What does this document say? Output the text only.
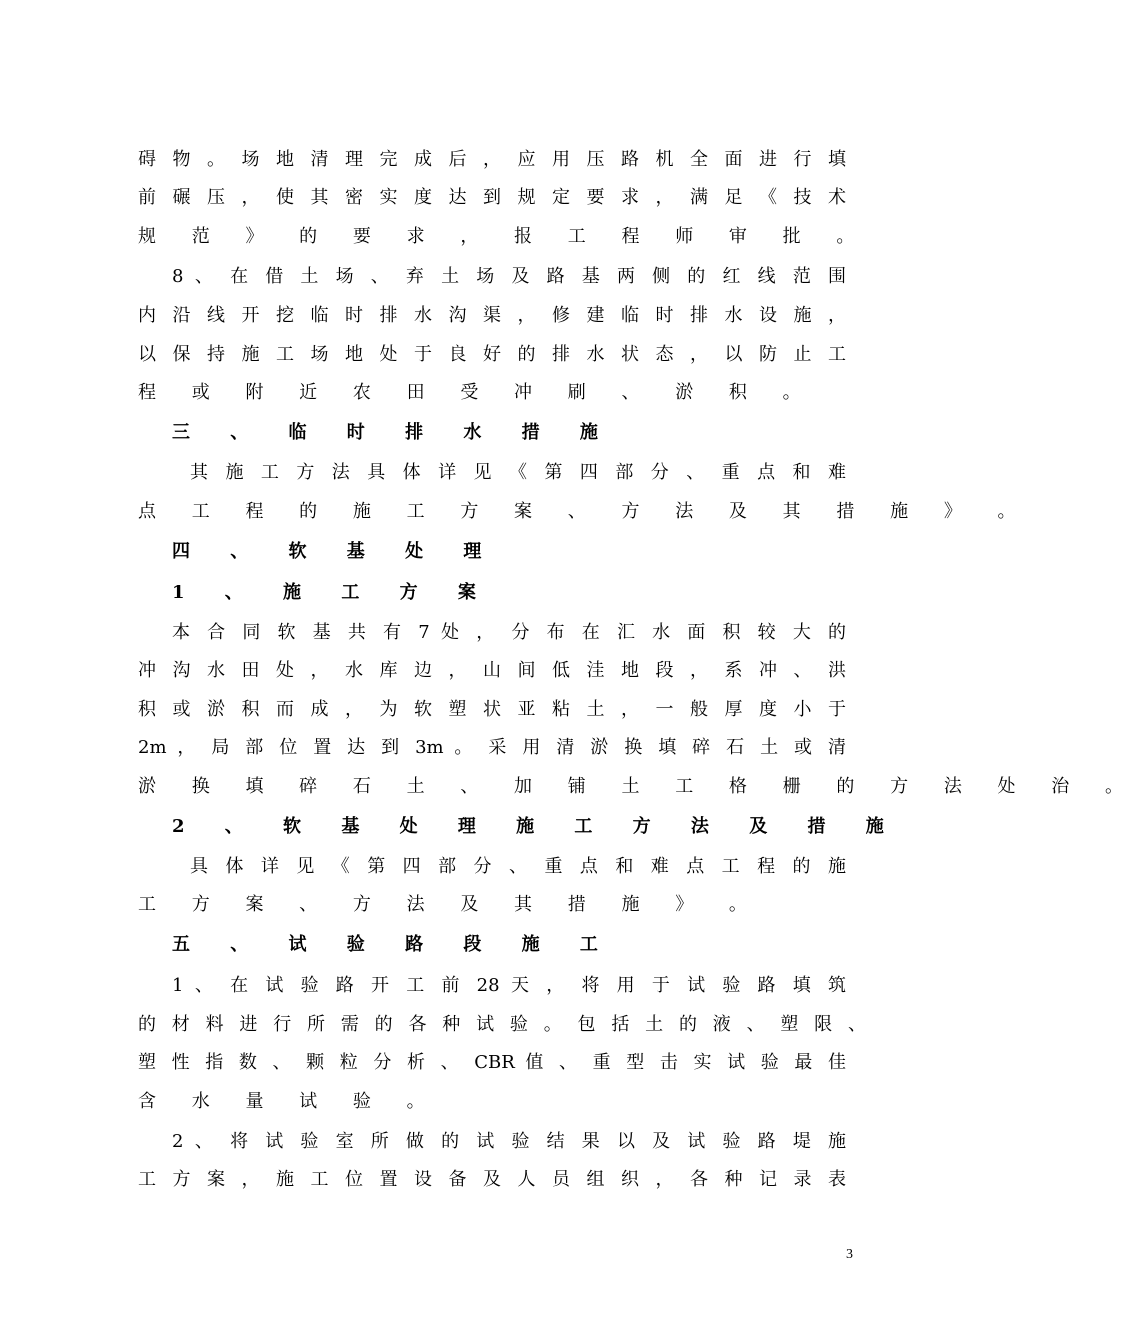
碍 物 。 场 地 清 理 完 成 后 ， 应 用 压 路 机 全 面 进 行 填
前 碾 压 ， 使 其 密 实 度 达 到 规 定 要 求 ， 满 足 《 技 术
规 范 》 的 要 求 ， 报 工 程 师 审 批 。
8 、 在 借 土 场 、 弃 土 场 及 路 基 两 侧 的 红 线 范 围
内 沿 线 开 挖 临 时 排 水 沟 渠 ， 修 建 临 时 排 水 设 施 ，
以 保 持 施 工 场 地 处 于 良 好 的 排 水 状 态 ， 以 防 止 工
程 或 附 近 农 田 受 冲 刷 、 淤 积 。
三 、 临 时 排 水 措 施
其 施 工 方 法 具 体 详 见 《 第 四 部 分 、 重 点 和 难
点 工 程 的 施 工 方 案 、 方 法 及 其 措 施 》 。
四 、 软 基 处 理
1 、 施 工 方 案
本 合 同 软 基 共 有 7 处 ， 分 布 在 汇 水 面 积 较 大 的
冲 沟 水 田 处 ， 水 库 边 ， 山 间 低 洼 地 段 ， 系 冲 、 洪
积 或 淤 积 而 成 ， 为 软 塑 状 亚 粘 土 ， 一 般 厚 度 小 于
2m ， 局 部 位 置 达 到 3m 。 采 用 清 淤 换 填 碎 石 土 或 清
淤 换 填 碎 石 土 、 加 铺 土 工 格 栅 的 方 法 处 治 。
2 、 软 基 处 理 施 工 方 法 及 措 施
具 体 详 见 《 第 四 部 分 、 重 点 和 难 点 工 程 的 施
工 方 案 、 方 法 及 其 措 施 》 。
五 、 试 验 路 段 施 工
1 、 在 试 验 路 开 工 前 28 天 ， 将 用 于 试 验 路 填 筑
的 材 料 进 行 所 需 的 各 种 试 验 。 包 括 土 的 液 、 塑 限 、
塑 性 指 数 、 颗 粒 分 析 、 CBR 值 、 重 型 击 实 试 验 最 佳
含 水 量 试 验 。
2 、 将 试 验 室 所 做 的 试 验 结 果 以 及 试 验 路 堤 施
工 方 案 ， 施 工 位 置 设 备 及 人 员 组 织 ， 各 种 记 录 表
3
